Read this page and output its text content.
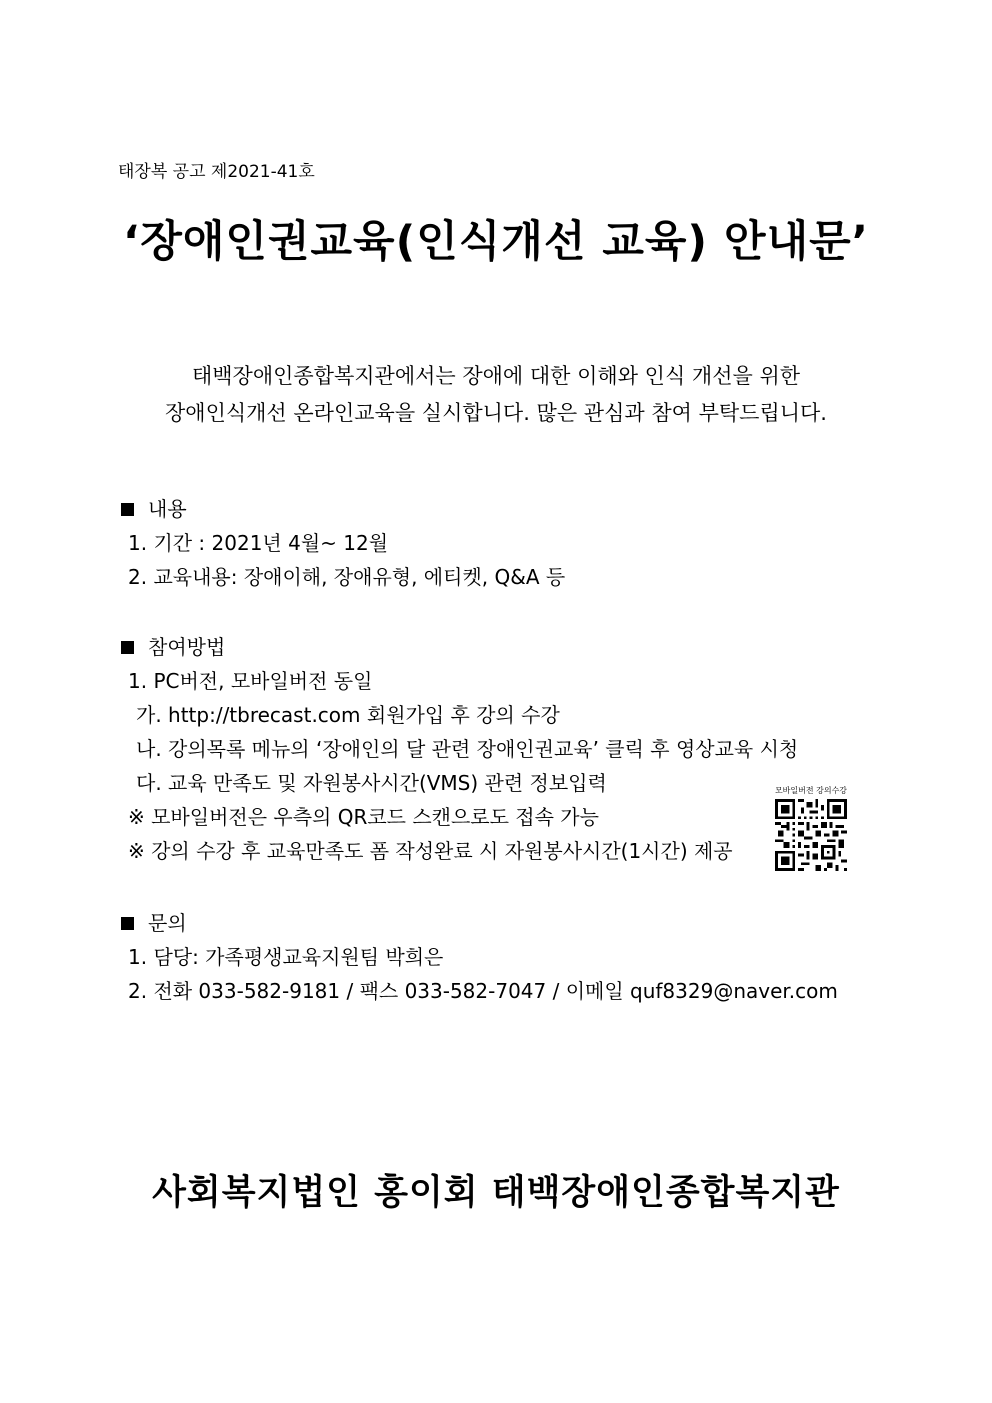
태장복 공고 제2021-41호
‘장애인권교육(인식개선 교육) 안내문’
태백장애인종합복지관에서는 장애에 대한 이해와 인식 개선을 위한
장애인식개선 온라인교육을 실시합니다. 많은 관심과 참여 부탁드립니다.
내용
1. 기간 : 2021년 4월~ 12월
2. 교육내용: 장애이해, 장애유형, 에티켓, Q&A 등
참여방법
1. PC버전, 모바일버전 동일
가. http://tbrecast.com 회원가입 후 강의 수강
나. 강의목록 메뉴의 ‘장애인의 달 관련 장애인권교육’ 클릭 후 영상교육 시청
다. 교육 만족도 및 자원봉사시간(VMS) 관련 정보입력
※ 모바일버전은 우측의 QR코드 스캔으로도 접속 가능
※ 강의 수강 후 교육만족도 폼 작성완료 시 자원봉사시간(1시간) 제공
모바일버전 강의수강
문의
1. 담당: 가족평생교육지원팀 박희은
2. 전화 033-582-9181 / 팩스 033-582-7047 / 이메일 quf8329@naver.com
사회복지법인 홍이회 태백장애인종합복지관
